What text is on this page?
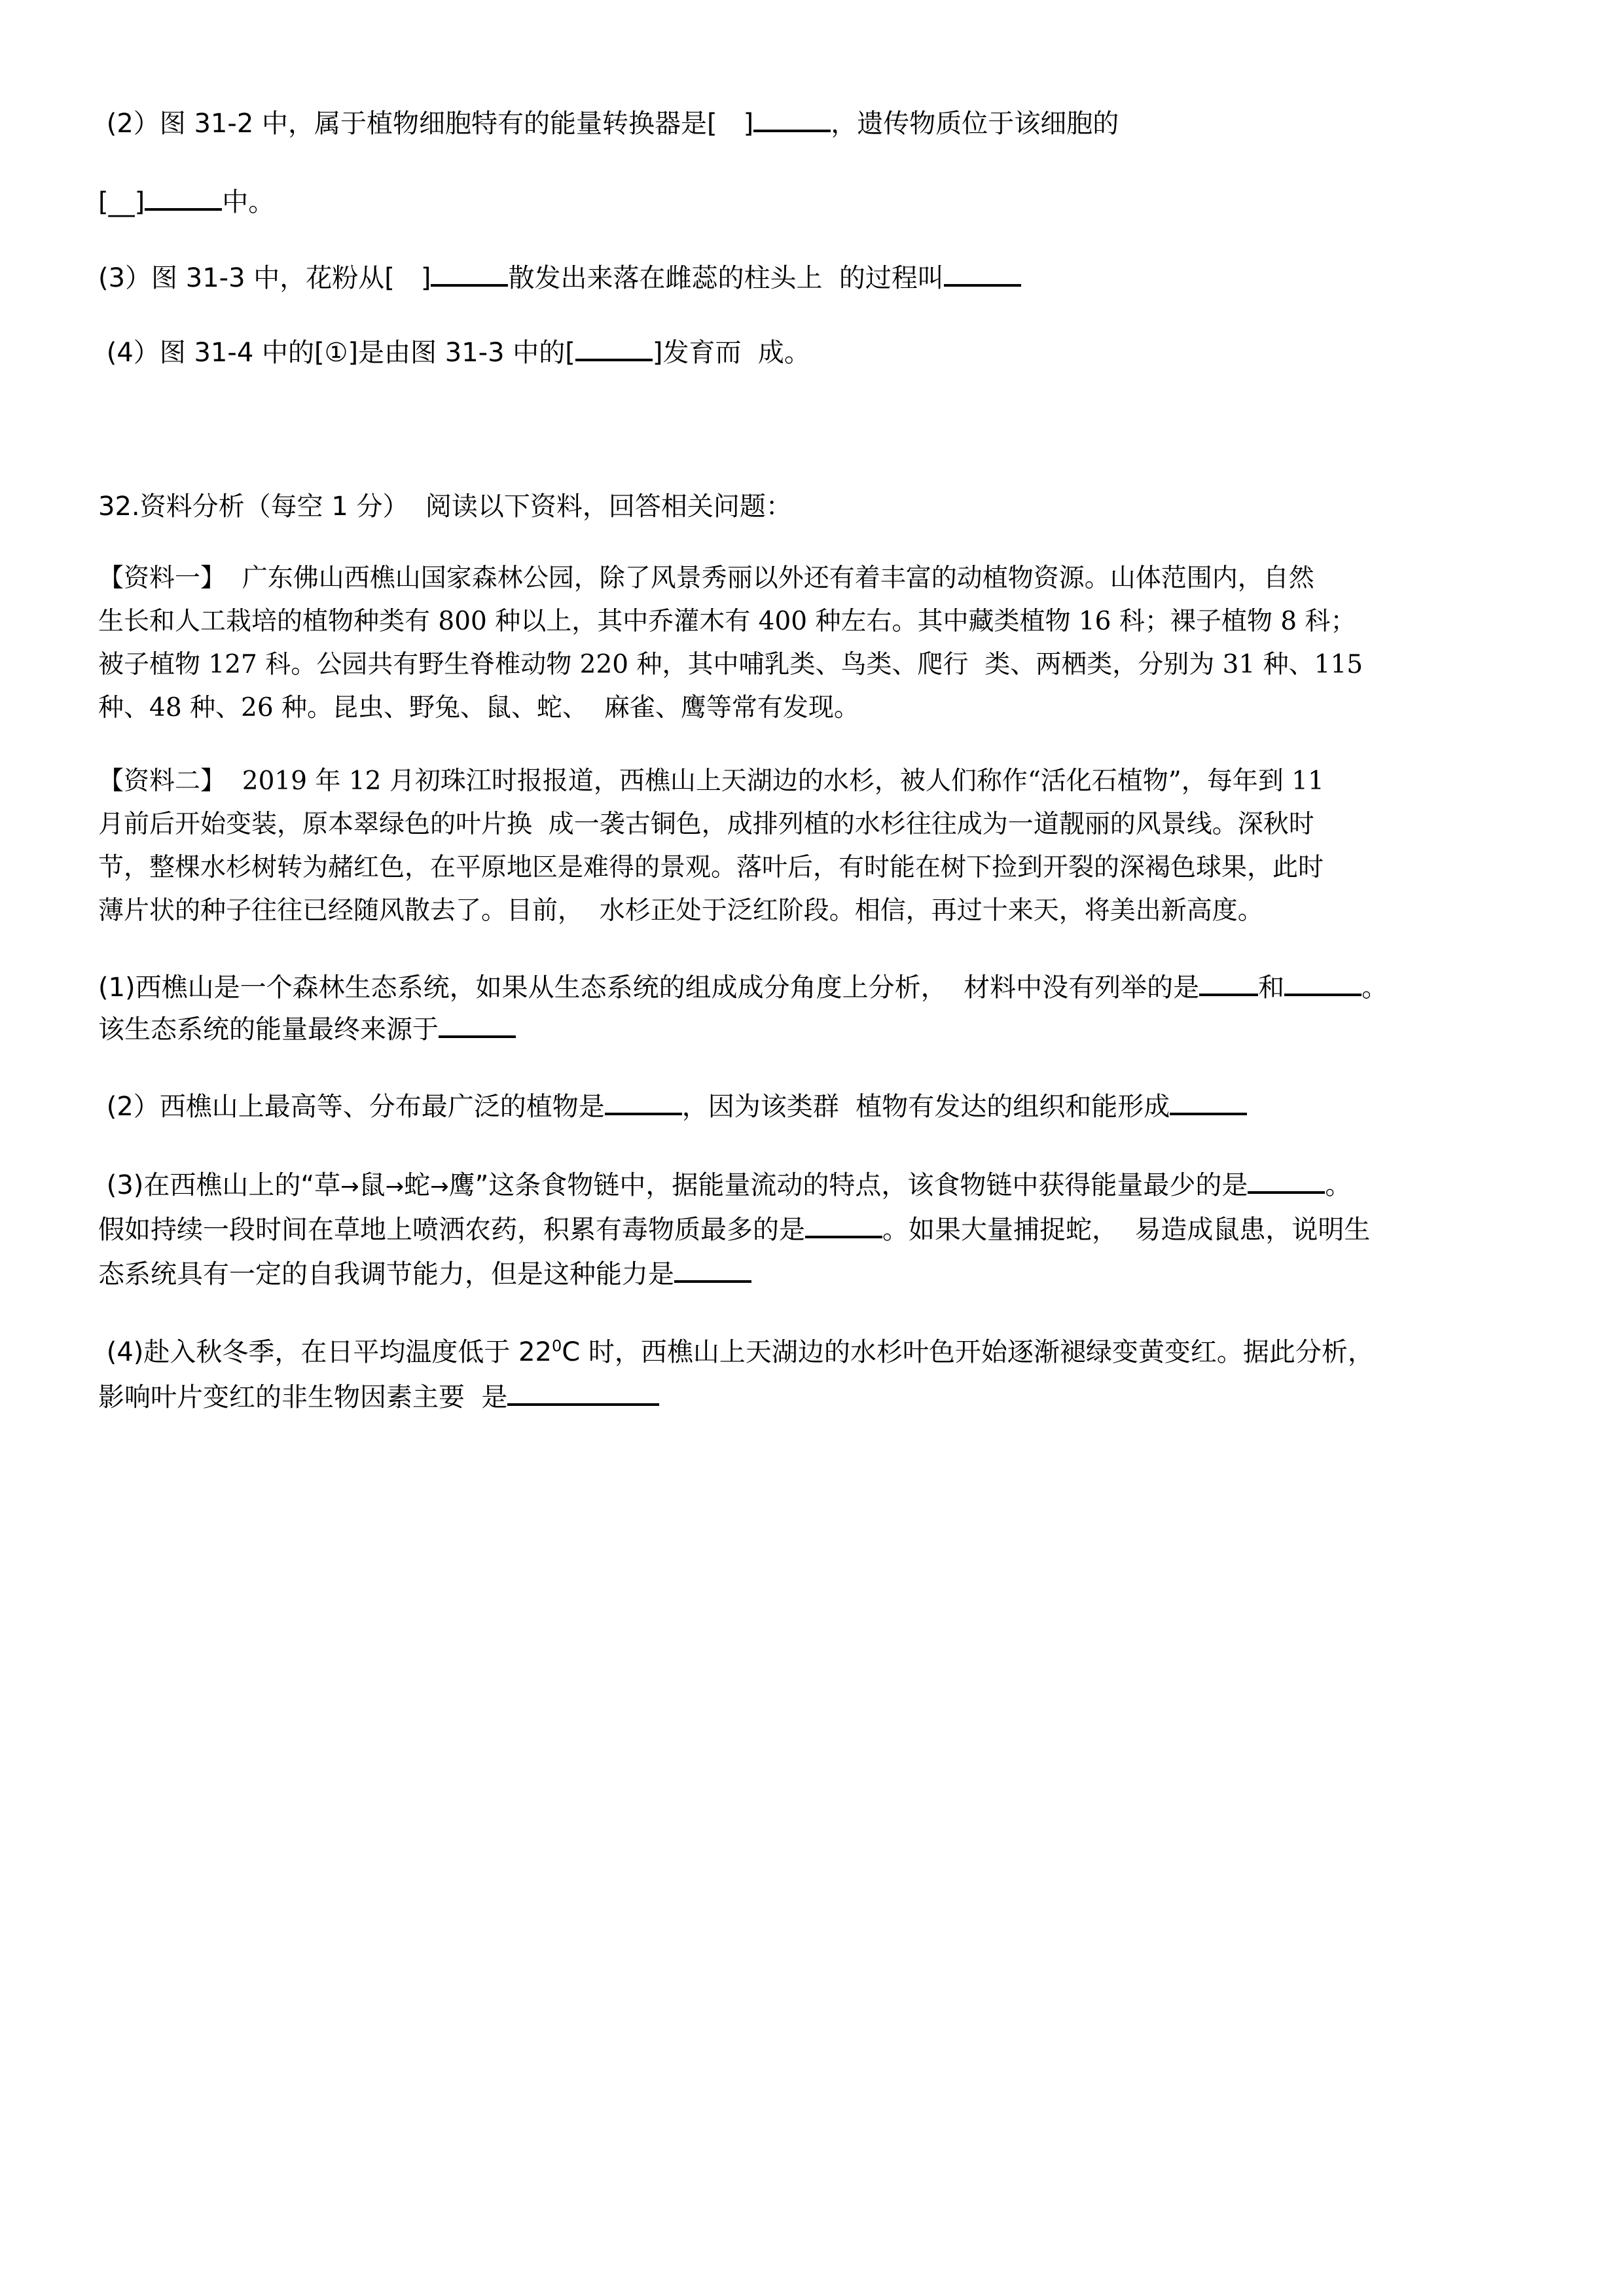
(2）图 31-2 中，属于植物细胞特有的能量转换器是[ ]	，遗传物质位于该细胞的
[__]	中。
(3）图 31-3 中，花粉从[ ]	散发出来落在雌蕊的柱头上  的过程叫
(4）图 31-4 中的[①]是由图 31-3 中的[	]发育而  成。
32.资料分析（每空 1 分）  阅读以下资料，回答相关问题：
【资料一】  广东佛山西樵山国家森林公园，除了风景秀丽以外还有着丰富的动植物资源。山体范围内，自然
生长和人工栽培的植物种类有 800 种以上，其中乔灌木有 400 种左右。其中藏类植物 16 科；裸子植物 8 科；
被子植物 127 科。公园共有野生脊椎动物 220 种，其中哺乳类、鸟类、爬行  类、两栖类，分别为 31 种、115
种、48 种、26 种。昆虫、野兔、鼠、蛇、  麻雀、鹰等常有发现。
【资料二】  2019 年 12 月初珠江时报报道，西樵山上天湖边的水杉，被人们称作“活化石植物”，每年到 11
月前后开始变装，原本翠绿色的叶片换  成一袭古铜色，成排列植的水杉往往成为一道靓丽的风景线。深秋时
节，整棵水杉树转为赭红色，在平原地区是难得的景观。落叶后，有时能在树下捡到开裂的深褐色球果，此时
薄片状的种子往往已经随风散去了。目前，  水杉正处于泛红阶段。相信，再过十来天，将美出新高度。
(1)西樵山是一个森林生态系统，如果从生态系统的组成成分角度上分析，  材料中没有列举的是 和	。
该生态系统的能量最终来源于
(2）西樵山上最高等、分布最广泛的植物是	，因为该类群  植物有发达的组织和能形成
(3)在西樵山上的“草→鼠→蛇→鹰”这条食物链中，据能量流动的特点，该食物链中获得能量最少的是	。
假如持续一段时间在草地上喷洒农药，积累有毒物质最多的是	。如果大量捕捉蛇，  易造成鼠患，说明生
态系统具有一定的自我调节能力，但是这种能力是
(4)赴入秋冬季，在日平均温度低于 $22^0C$ 时，西樵山上天湖边的水杉叶色开始逐渐褪绿变黄变红。据此分析，
影响叶片变红的非生物因素主要  是
